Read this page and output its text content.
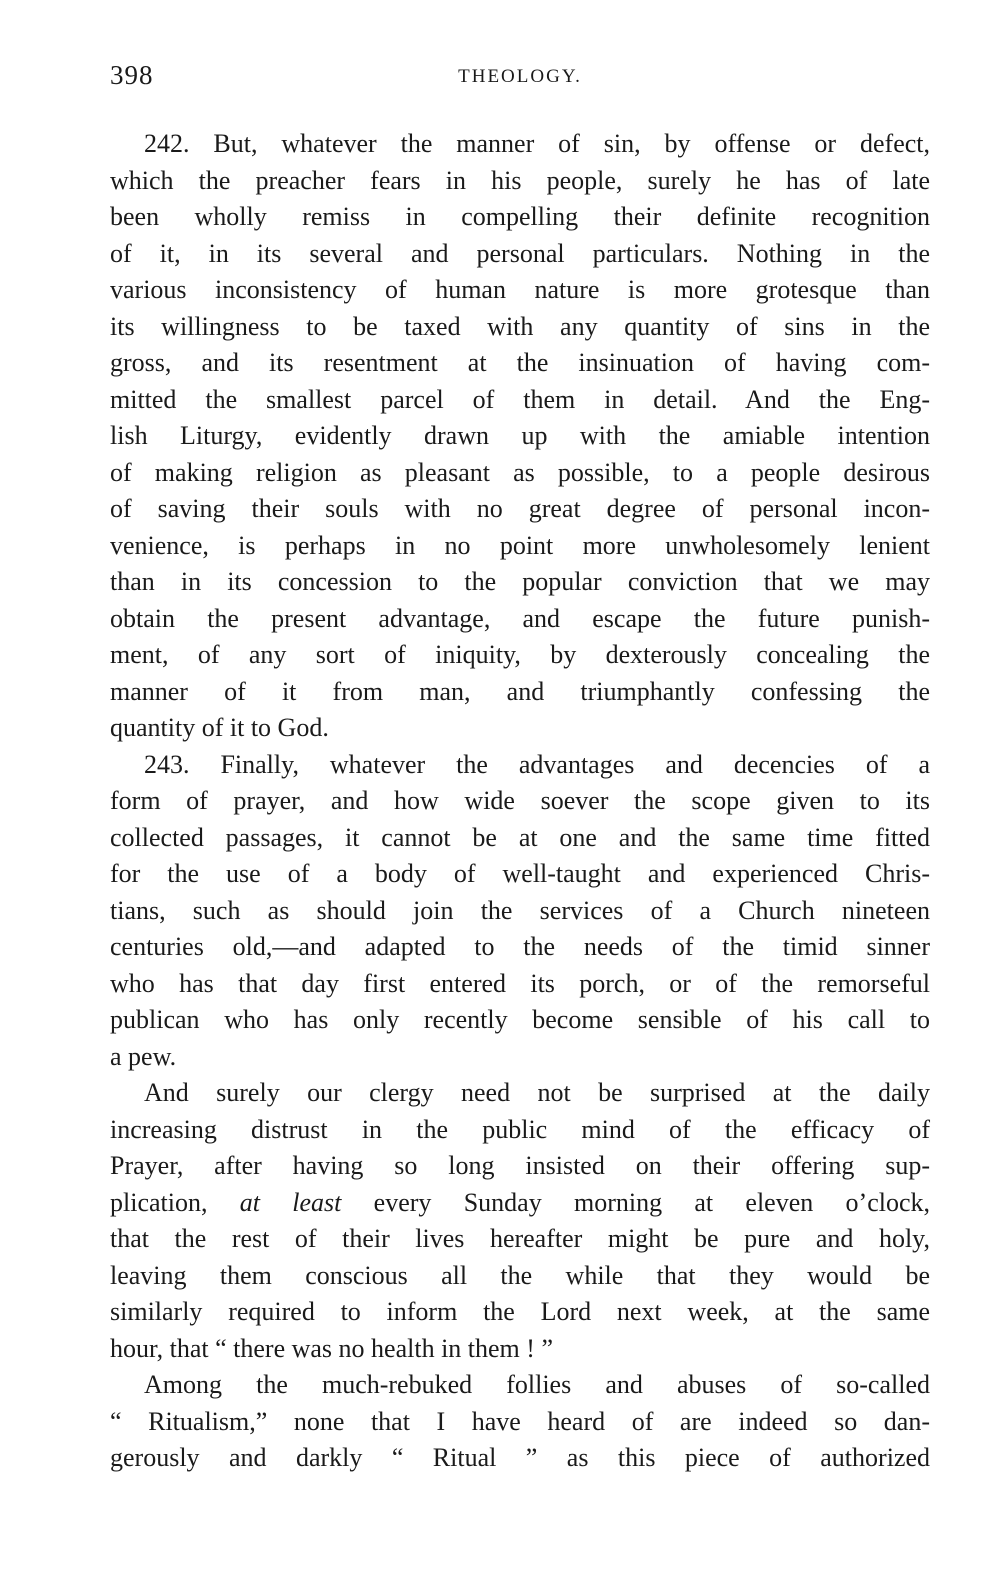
398	THEOLOGY.

242. But, whatever the manner of sin, by offense or defect,
which the preacher fears in his people, surely he has of late
been wholly remiss in compelling their definite recognition
of it, in its several and personal particulars. Nothing in the
various inconsistency of human nature is more grotesque than
its willingness to be taxed with any quantity of sins in the
gross, and its resentment at the insinuation of having com-
mitted the smallest parcel of them in detail. And the Eng-
lish Liturgy, evidently drawn up with the amiable intention
of making religion as pleasant as possible, to a people desirous
of saving their souls with no great degree of personal incon-
venience, is perhaps in no point more unwholesomely lenient
than in its concession to the popular conviction that we may
obtain the present advantage, and escape the future punish-
ment, of any sort of iniquity, by dexterously concealing the
manner of it from man, and triumphantly confessing the
quantity of it to God.

243. Finally, whatever the advantages and decencies of a
form of prayer, and how wide soever the scope given to its
collected passages, it cannot be at one and the same time fitted
for the use of a body of well-taught and experienced Chris-
tians, such as should join the services of a Church nineteen
centuries old,—and adapted to the needs of the timid sinner
who has that day first entered its porch, or of the remorseful
publican who has only recently become sensible of his call to
a pew.

And surely our clergy need not be surprised at the daily
increasing distrust in the public mind of the efficacy of
Prayer, after having so long insisted on their offering sup-
plication, at least every Sunday morning at eleven o’clock,
that the rest of their lives hereafter might be pure and holy,
leaving them conscious all the while that they would be
similarly required to inform the Lord next week, at the same
hour, that “ there was no health in them ! ”

Among the much-rebuked follies and abuses of so-called
“ Ritualism,” none that I have heard of are indeed so dan-
gerously and darkly “ Ritual ” as this piece of authorized
